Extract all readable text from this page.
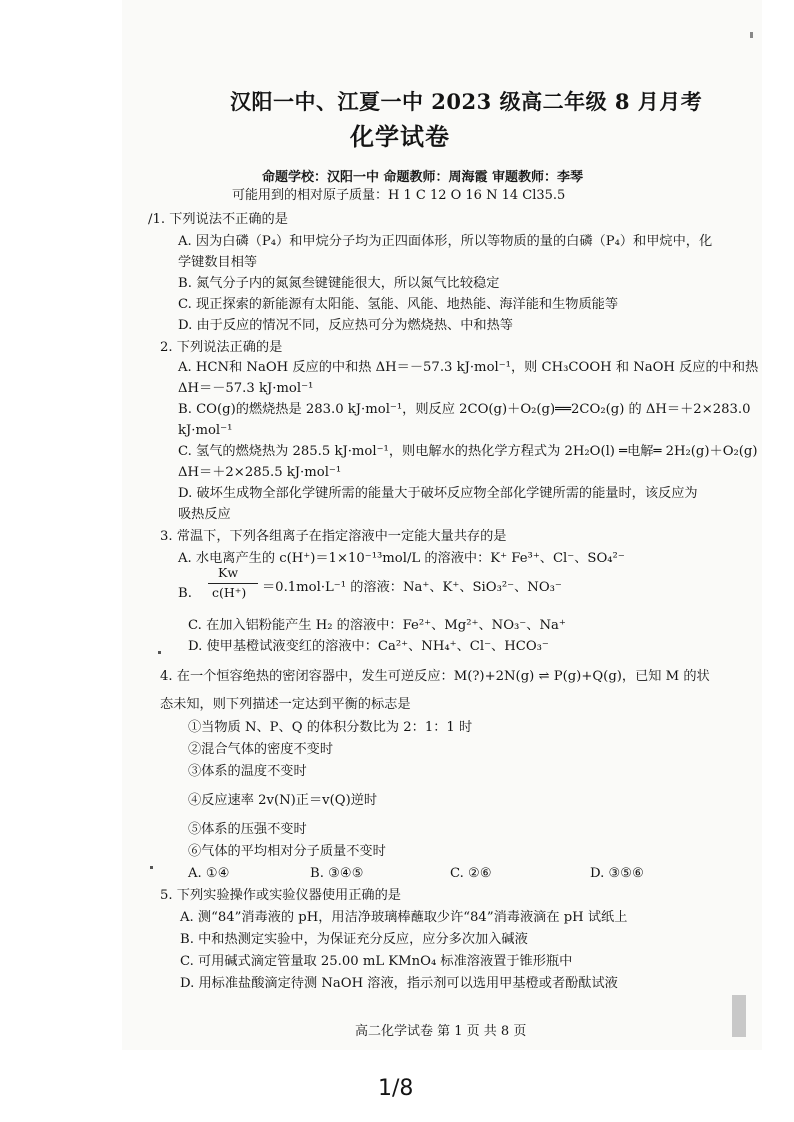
汉阳一中、江夏一中 2023 级高二年级 8 月月考
化学试卷
命题学校：汉阳一中 命题教师：周海霞 审题教师：李琴
可能用到的相对原子质量：H 1 C 12 O 16 N 14 Cl35.5
/1. 下列说法不正确的是
A. 因为白磷（P₄）和甲烷分子均为正四面体形，所以等物质的量的白磷（P₄）和甲烷中，化
学键数目相等
B. 氮气分子内的氮氮叁键键能很大，所以氮气比较稳定
C. 现正探索的新能源有太阳能、氢能、风能、地热能、海洋能和生物质能等
D. 由于反应的情况不同，反应热可分为燃烧热、中和热等
2. 下列说法正确的是
A. HCN和 NaOH 反应的中和热 ΔH＝－57.3 kJ·mol⁻¹，则 CH₃COOH 和 NaOH 反应的中和热
ΔH＝－57.3 kJ·mol⁻¹
B. CO(g)的燃烧热是 283.0 kJ·mol⁻¹，则反应 2CO(g)＋O₂(g)══2CO₂(g) 的 ΔH＝＋2×283.0
kJ·mol⁻¹
C. 氢气的燃烧热为 285.5 kJ·mol⁻¹，则电解水的热化学方程式为 2H₂O(l) ═电解═ 2H₂(g)＋O₂(g)
ΔH＝＋2×285.5 kJ·mol⁻¹
D. 破坏生成物全部化学键所需的能量大于破坏反应物全部化学键所需的能量时，该反应为
吸热反应
3. 常温下，下列各组离子在指定溶液中一定能大量共存的是
A. 水电离产生的 c(H⁺)＝1×10⁻¹³mol/L 的溶液中：K⁺ Fe³⁺、Cl⁻、SO₄²⁻
B.
Kw
c(H⁺) ＝0.1mol·L⁻¹ 的溶液：Na⁺、K⁺、SiO₃²⁻、NO₃⁻
C. 在加入铝粉能产生 H₂ 的溶液中：Fe²⁺、Mg²⁺、NO₃⁻、Na⁺
D. 使甲基橙试液变红的溶液中：Ca²⁺、NH₄⁺、Cl⁻、HCO₃⁻
4. 在一个恒容绝热的密闭容器中，发生可逆反应：M(?)+2N(g) ⇌ P(g)+Q(g)，已知 M 的状
态未知，则下列描述一定达到平衡的标志是
①当物质 N、P、Q 的体积分数比为 2：1：1 时
②混合气体的密度不变时
③体系的温度不变时
④反应速率 2v(N)正＝v(Q)逆时
⑤体系的压强不变时
⑥气体的平均相对分子质量不变时
A. ①④	B. ③④⑤	C. ②⑥	D. ③⑤⑥
5. 下列实验操作或实验仪器使用正确的是
A. 测“84”消毒液的 pH，用洁净玻璃棒蘸取少许“84”消毒液滴在 pH 试纸上
B. 中和热测定实验中，为保证充分反应，应分多次加入碱液
C. 可用碱式滴定管量取 25.00 mL KMnO₄ 标准溶液置于锥形瓶中
D. 用标准盐酸滴定待测 NaOH 溶液，指示剂可以选用甲基橙或者酚酞试液
高二化学试卷 第 1 页 共 8 页
1/8
